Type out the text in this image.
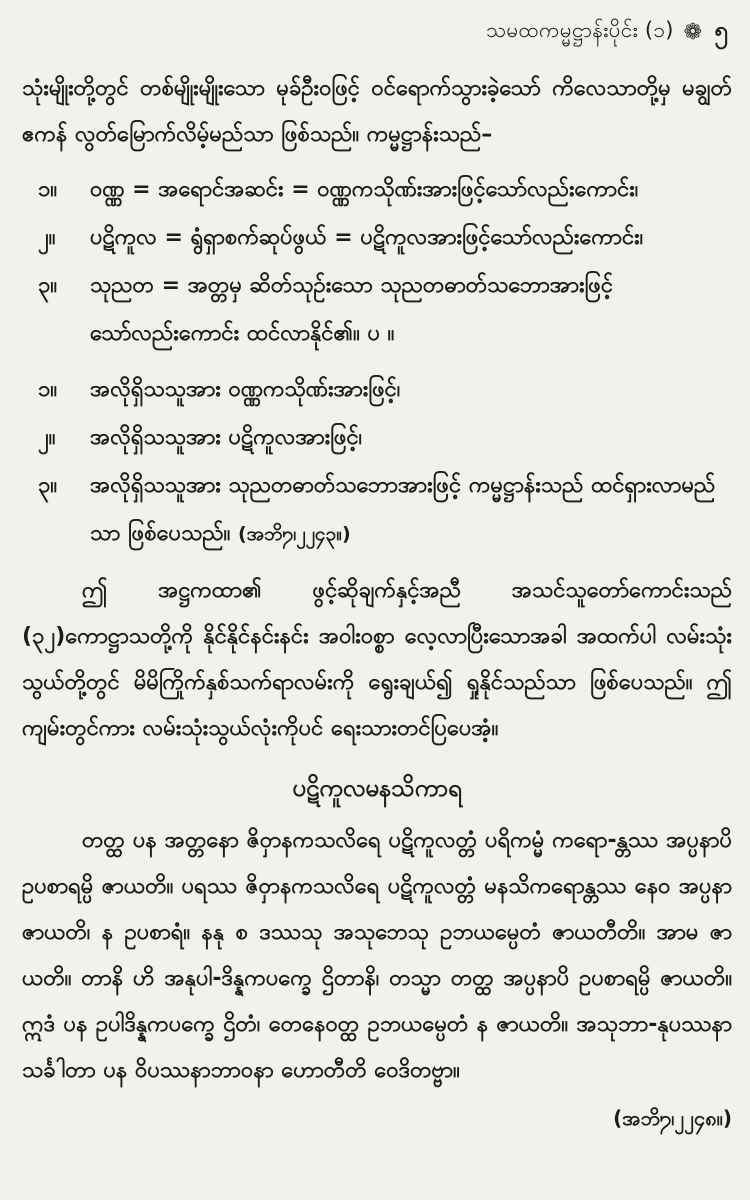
သမထကမ္မဋ္ဌာန်းပိုင်း (၁) ❁ ၅

သုံးမျိုးတို့တွင် တစ်မျိုးမျိုးသော မုခ်ဦးဝဖြင့် ဝင်ရောက်သွားခဲ့သော် ကိလေသာတို့မှ မချွတ်ဧကန် လွတ်မြောက်လိမ့်မည်သာ ဖြစ်သည်။ ကမ္မဋ္ဌာန်းသည်–

၁။	ဝဏ္ဏ = အရောင်အဆင်း = ဝဏ္ဏကသိုဏ်းအားဖြင့်သော်လည်းကောင်း၊
၂။	ပဋိကူလ = ရွံရှာစက်ဆုပ်ဖွယ် = ပဋိကူလအားဖြင့်သော်လည်းကောင်း၊
၃။	သုညတ = အတ္တမှ ဆိတ်သုဉ်းသော သုညတဓာတ်သဘောအားဖြင့် သော်လည်းကောင်း ထင်လာနိုင်၏။ ပ ။
၁။	အလိုရှိသသူအား ဝဏ္ဏကသိုဏ်းအားဖြင့်၊
၂။	အလိုရှိသသူအား ပဋိကူလအားဖြင့်၊
၃။	အလိုရှိသသူအား သုညတဓာတ်သဘောအားဖြင့် ကမ္မဋ္ဌာန်းသည် ထင်ရှားလာမည်သာ ဖြစ်ပေသည်။ (အဘိ႒၊၂၂၄၃။)

ဤ အဋ္ဌကထာ၏ ဖွင့်ဆိုချက်နှင့်အညီ အသင်သူတော်ကောင်းသည် (၃၂)ကောဋ္ဌာသတို့ကို နိုင်နိုင်နင်းနင်း အဝါးဝစ္စာ လေ့လာပြီးသောအခါ အထက်ပါ လမ်းသုံးသွယ်တို့တွင် မိမိကြိုက်နှစ်သက်ရာလမ်းကို ရွေးချယ်၍ ရှုနိုင်သည်သာ ဖြစ်ပေသည်။ ဤကျမ်းတွင်ကား လမ်းသုံးသွယ်လုံးကိုပင် ရေးသားတင်ပြပေအံ့။

ပဋိကူလမနသိကာရ

တတ္ထ ပန အတ္တနော ဇိဝှာနကသလိရေ ပဋိကူလတ္တံ ပရိကမ္မံ ကရော-န္တဿ အပ္ပနာပိ ဥပစာရမ္ပိ ဇာယတိ။ ပရဿ ဇိဝှာနကသလိရေ ပဋိကူလတ္တံ မနသိကရောန္တဿ နေဝ အပ္ပနာ ဇာယတိ၊ န ဥပစာရံ။ နနု စ ဒဿသု အသုဘေသု ဥဘယမ္ပေတံ ဇာယတီတိ။ အာမ ဇာယတိ။ တာနိ ဟိ အနုပါ-ဒိန္နကပက္ခေ ဌိတာနိ၊ တသ္မာ တတ္ထ အပ္ပနာပိ ဥပစာရမ္ပိ ဇာယတိ။ ဣဒံ ပန ဥပါဒိန္နကပက္ခေ ဌိတံ၊ တေနေဝတ္ထ ဥဘယမ္ပေတံ န ဇာယတိ။ အသုဘာ-နုပဿနာသင်္ခါတာ ပန ဝိပဿနာဘာဝနာ ဟောတီတိ ဝေဒိတဗ္ဗာ။

(အဘိ႒၊၂၂၄၈။)
